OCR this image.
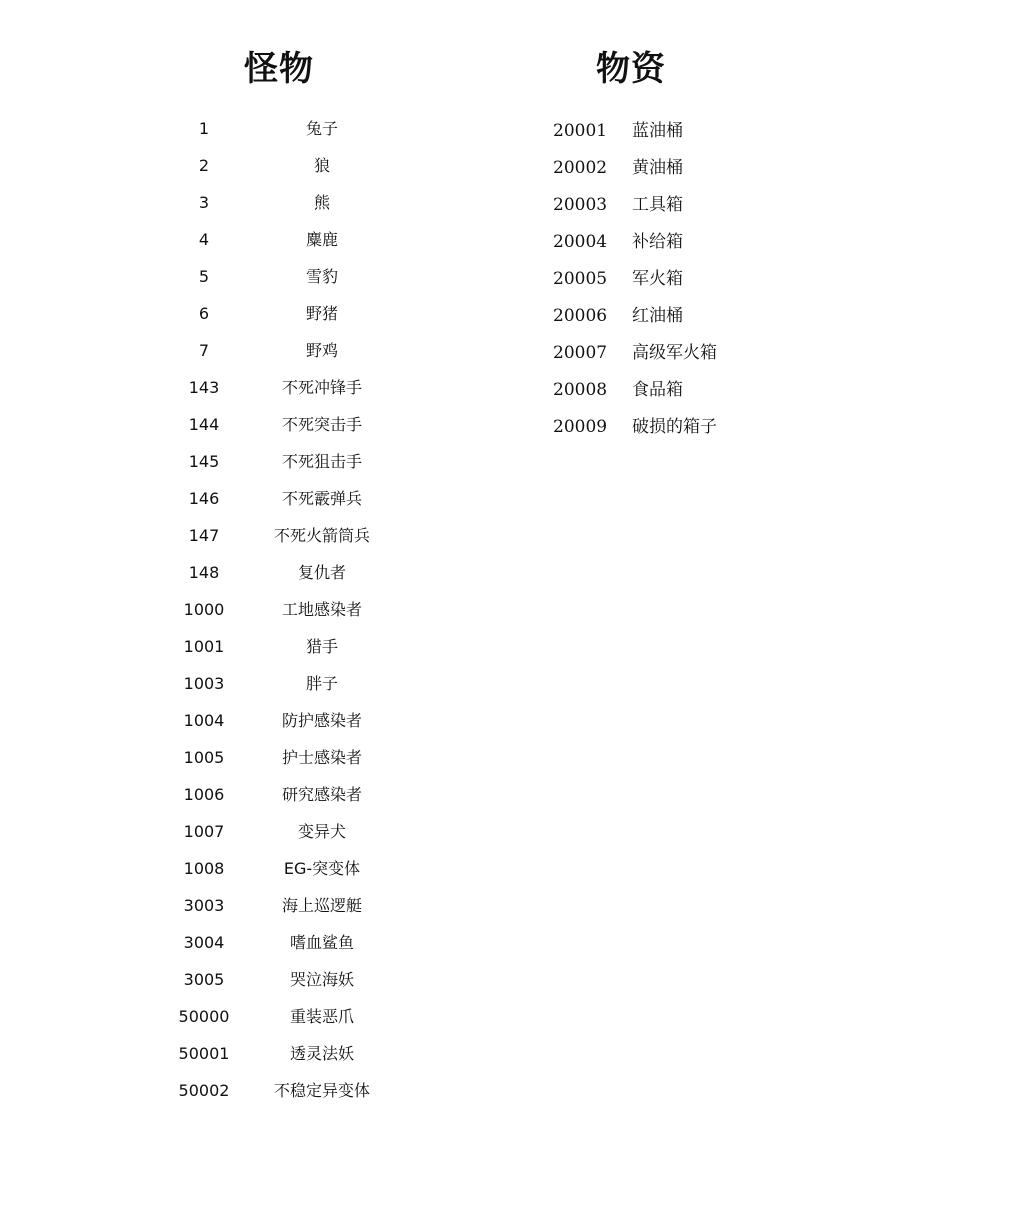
怪物	物资
1	兔子
2	狼
3	熊
4	麋鹿
5	雪豹
6	野猪
7	野鸡
143	不死冲锋手
144	不死突击手
145	不死狙击手
146	不死霰弹兵
147	不死火箭筒兵
148	复仇者
1000	工地感染者
1001	猎手
1003	胖子
1004	防护感染者
1005	护士感染者
1006	研究感染者
1007	变异犬
1008	EG-突变体
3003	海上巡逻艇
3004	嗜血鲨鱼
3005	哭泣海妖
50000	重装恶爪
50001	透灵法妖
50002	不稳定异变体
20001 蓝油桶
20002 黄油桶
20003 工具箱
20004 补给箱
20005 军火箱
20006 红油桶
20007 高级军火箱
20008 食品箱
20009 破损的箱子
